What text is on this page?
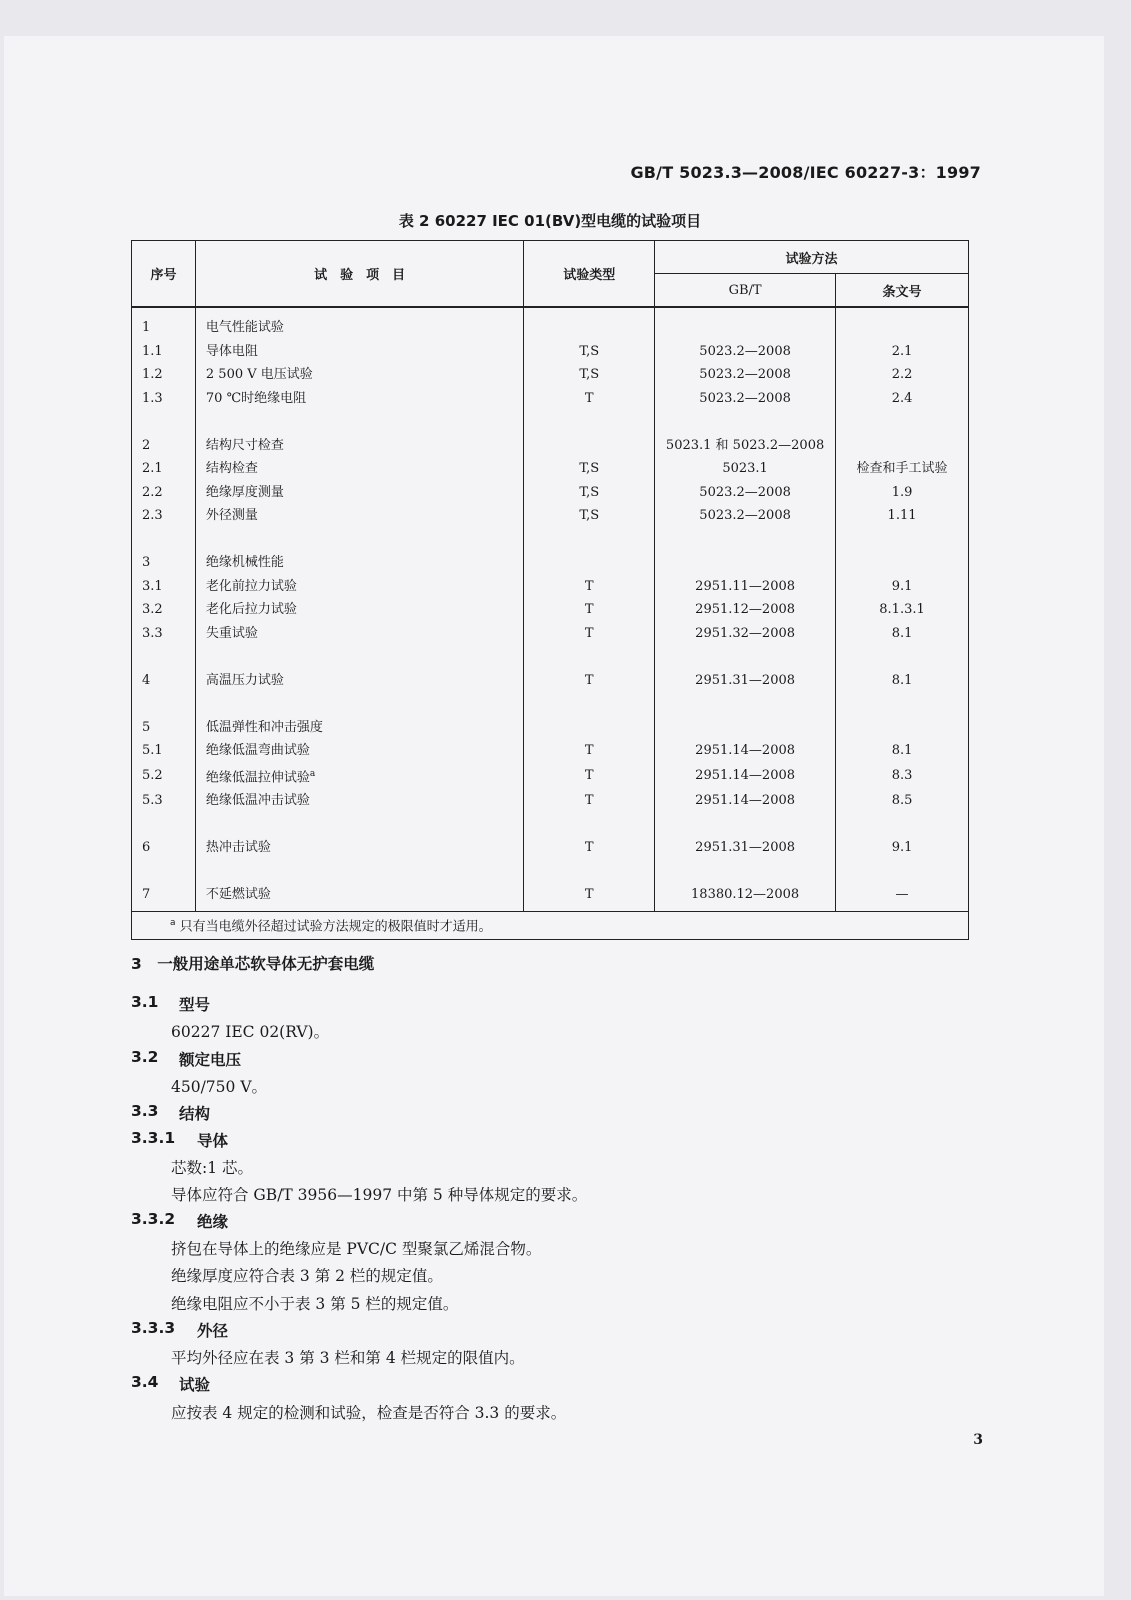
GB/T 5023.3—2008/IEC 60227-3：1997
表 2 60227 IEC 01(BV)型电缆的试验项目
序号	试　验　项　目	试验类型	试验方法	
			GB/T	条文号
1	电气性能试验			
1.1	导体电阻	T,S	5023.2—2008	2.1
1.2	2 500 V 电压试验	T,S	5023.2—2008	2.2
1.3	70 ℃时绝缘电阻	T	5023.2—2008	2.4

2	结构尺寸检查		5023.1 和 5023.2—2008	
2.1	结构检查	T,S	5023.1	检查和手工试验
2.2	绝缘厚度测量	T,S	5023.2—2008	1.9
2.3	外径测量	T,S	5023.2—2008	1.11

3	绝缘机械性能			
3.1	老化前拉力试验	T	2951.11—2008	9.1
3.2	老化后拉力试验	T	2951.12—2008	8.1.3.1
3.3	失重试验	T	2951.32—2008	8.1

4	高温压力试验	T	2951.31—2008	8.1

5	低温弹性和冲击强度			
5.1	绝缘低温弯曲试验	T	2951.14—2008	8.1
5.2	绝缘低温拉伸试验$^a$	T	2951.14—2008	8.3
5.3	绝缘低温冲击试验	T	2951.14—2008	8.5

6	热冲击试验	T	2951.31—2008	9.1

7	不延燃试验	T	18380.12—2008	—
$^a$ 只有当电缆外径超过试验方法规定的极限值时才适用。				
3　一般用途单芯软导体无护套电缆
3.1 型号
60227 IEC 02(RV)。
3.2 额定电压
450/750 V。
3.3 结构
3.3.1 导体
芯数:1 芯。
导体应符合 GB/T 3956—1997 中第 5 种导体规定的要求。
3.3.2 绝缘
挤包在导体上的绝缘应是 PVC/C 型聚氯乙烯混合物。
绝缘厚度应符合表 3 第 2 栏的规定值。
绝缘电阻应不小于表 3 第 5 栏的规定值。
3.3.3 外径
平均外径应在表 3 第 3 栏和第 4 栏规定的限值内。
3.4 试验
应按表 4 规定的检测和试验，检查是否符合 3.3 的要求。
3
